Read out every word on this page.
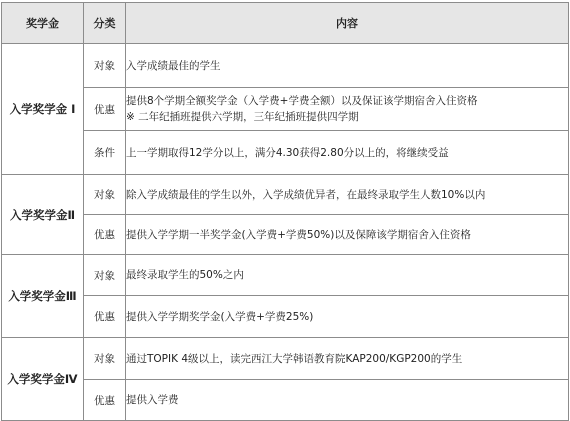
奖学金	分类	内容
入学奖学金 Ⅰ	对象	入学成绩最佳的学生
	优惠	提供8个学期全额奖学金（入学费+学费全额）以及保证该学期宿舍入住资格
※ 二年纪插班提供六学期，三年纪插班提供四学期

	条件	上一学期取得12学分以上，满分4.30获得2.80分以上的，将继续受益
入学奖学金Ⅱ	对象	除入学成绩最佳的学生以外，入学成绩优异者，在最终录取学生人数10%以内
	优惠	提供入学学期一半奖学金(入学费+学费50%)以及保障该学期宿舍入住资格
入学奖学金Ⅲ	对象	最终录取学生的50%之内
	优惠	提供入学学期奖学金(入学费+学费25%)
入学奖学金Ⅳ	对象	通过TOPIK 4级以上，读完西江大学韩语教育院KAP200/KGP200的学生
	优惠	提供入学费
